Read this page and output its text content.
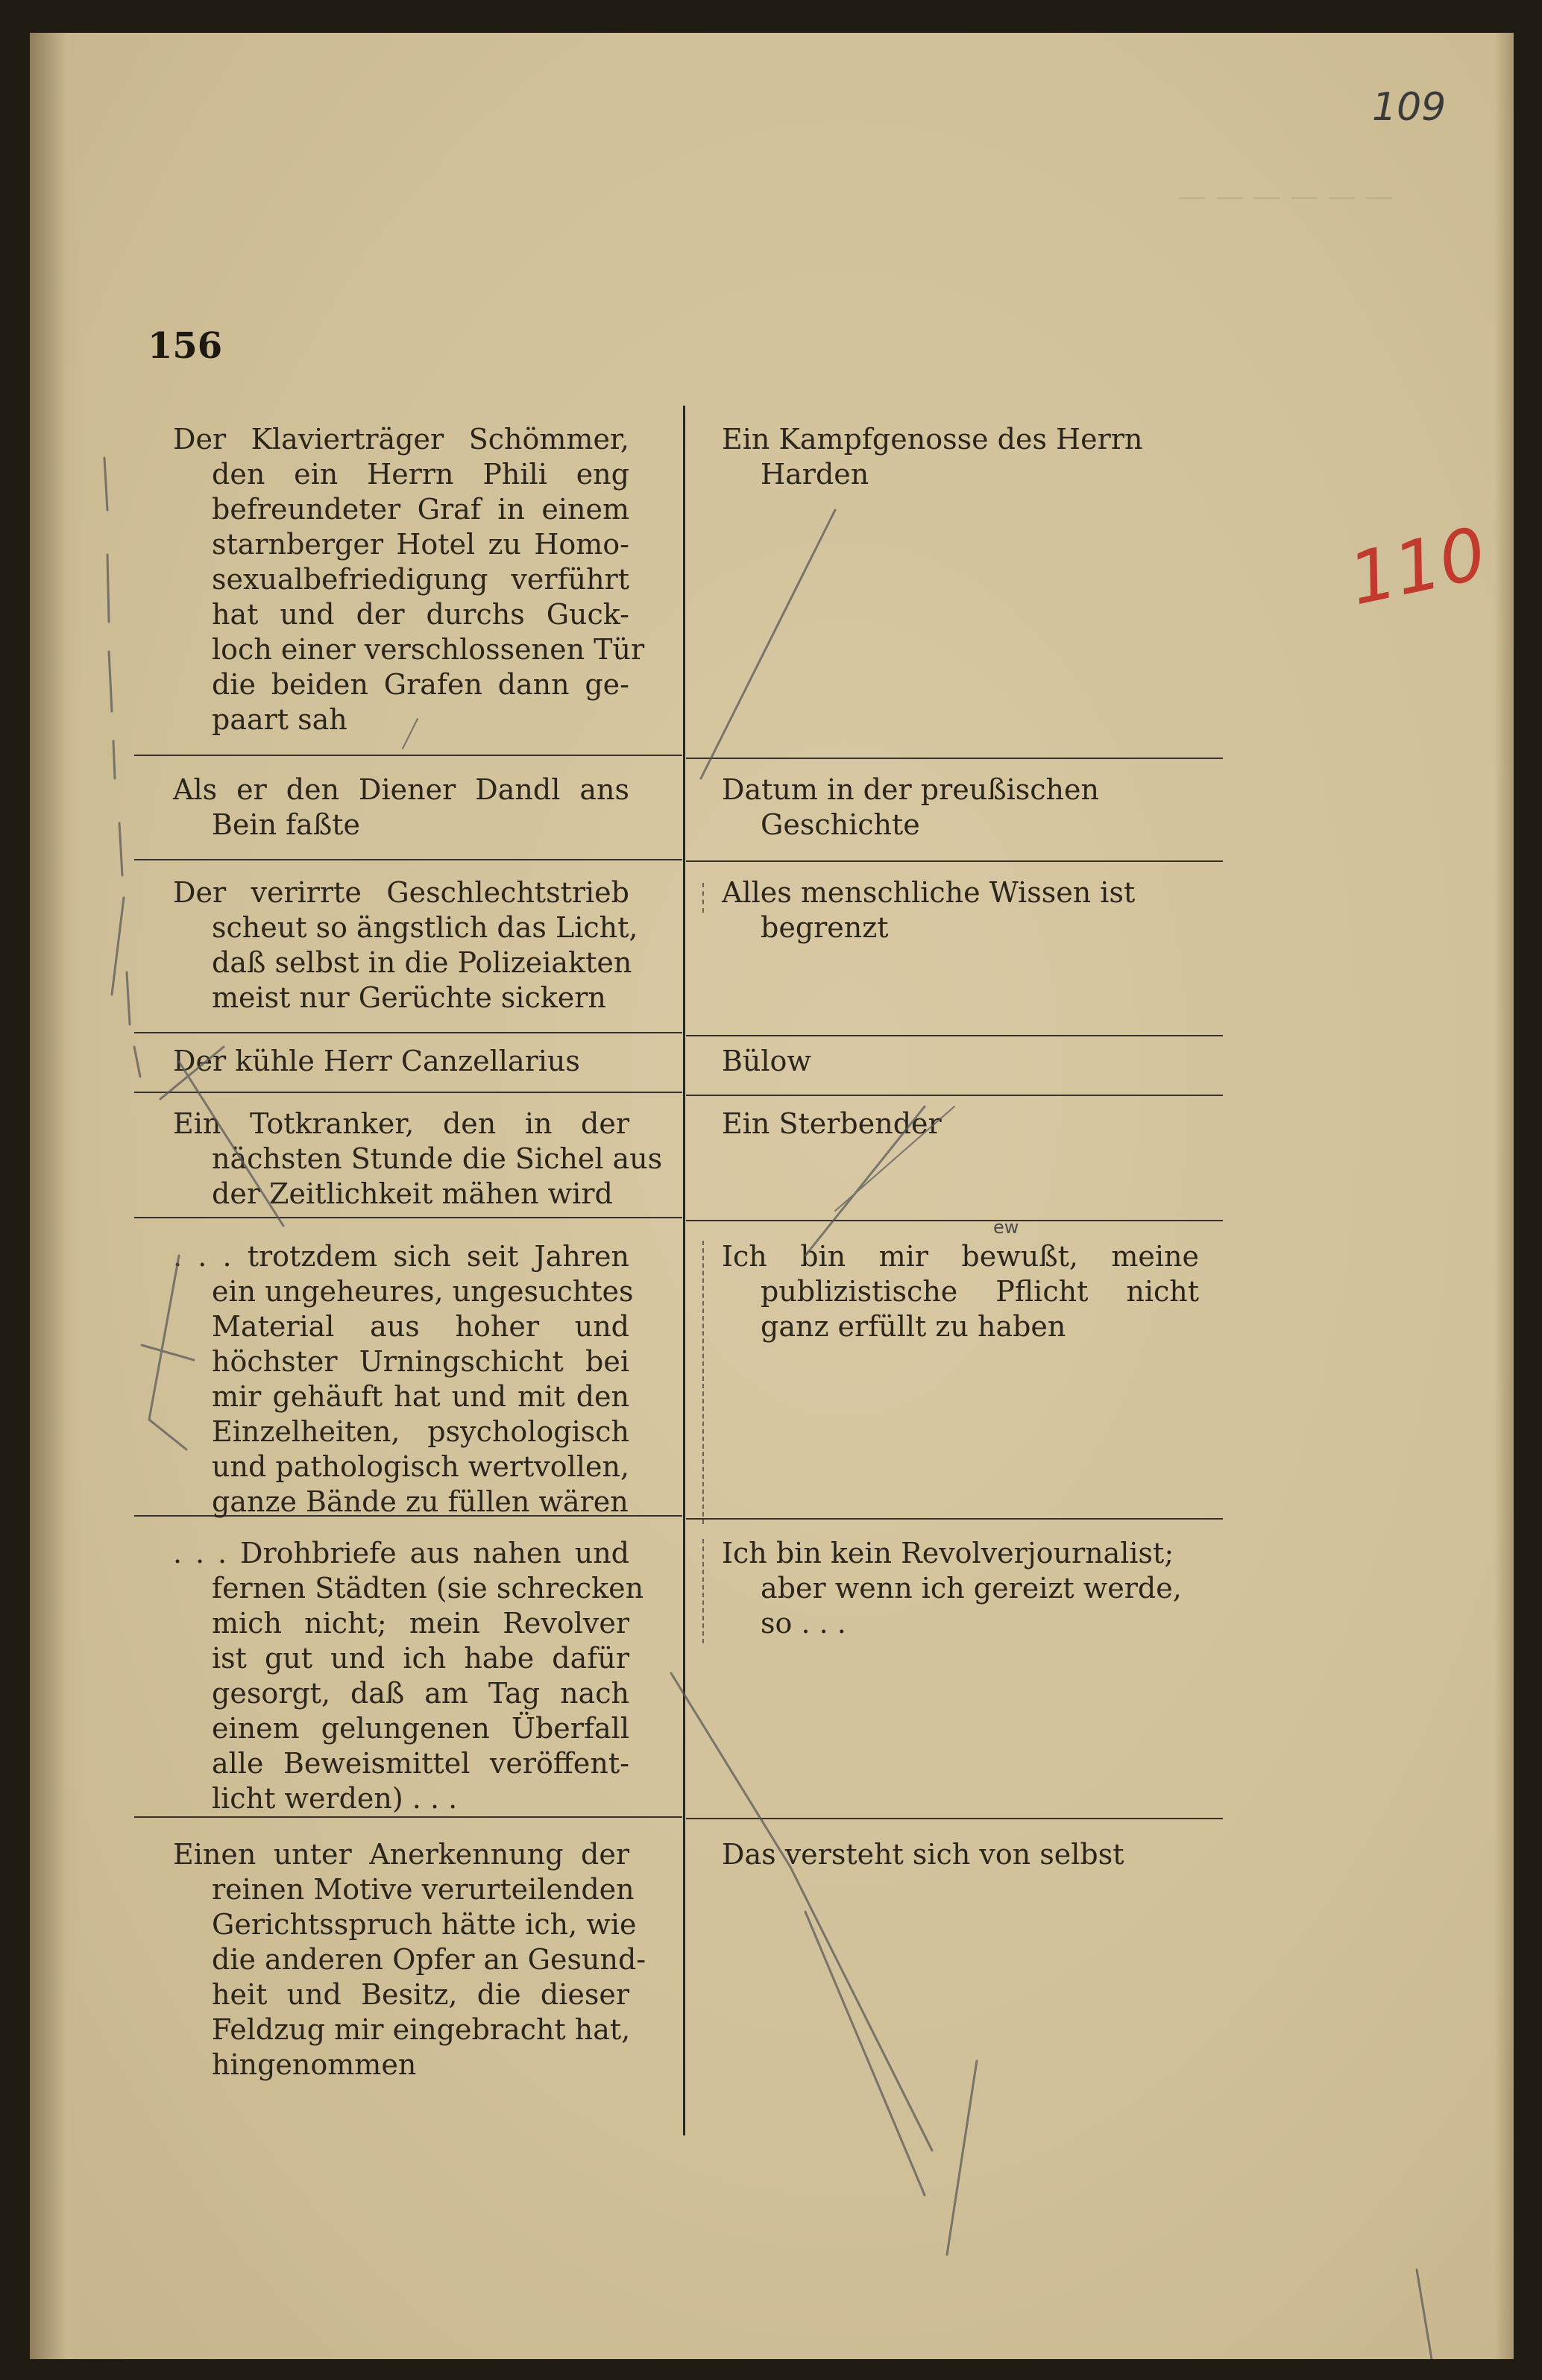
— — — — — —
109
110
156
Der Klavierträger Schömmer,
den ein Herrn Phili eng
befreundeter Graf in einem
starnberger Hotel zu Homo-
sexualbefriedigung verführt
hat und der durchs Guck-
loch einer verschlossenen Tür
die beiden Grafen dann ge-
paart sah
Ein Kampfgenosse des Herrn
Harden
Als er den Diener Dandl ans
Bein faßte
Datum in der preußischen
Geschichte
Der verirrte Geschlechtstrieb
scheut so ängstlich das Licht,
daß selbst in die Polizeiakten
meist nur Gerüchte sickern
Alles menschliche Wissen ist
begrenzt
Der kühle Herr Canzellarius	Bülow
Ein Totkranker, den in der
nächsten Stunde die Sichel aus
der Zeitlichkeit mähen wird
Ein Sterbender
. . . trotzdem sich seit Jahren
ein ungeheures, ungesuchtes
Material aus hoher und
höchster Urningschicht bei
mir gehäuft hat und mit den
Einzelheiten, psychologisch
und pathologisch wertvollen,
ganze Bände zu füllen wären
Ich bin mir bewußt, meine
publizistische Pflicht nicht
ganz erfüllt zu haben
ew
. . . Drohbriefe aus nahen und
fernen Städten (sie schrecken
mich nicht; mein Revolver
ist gut und ich habe dafür
gesorgt, daß am Tag nach
einem gelungenen Überfall
alle Beweismittel veröffent-
licht werden) . . .
Ich bin kein Revolverjournalist;
aber wenn ich gereizt werde,
so . . .
Einen unter Anerkennung der
reinen Motive verurteilenden
Gerichtsspruch hätte ich, wie
die anderen Opfer an Gesund-
heit und Besitz, die dieser
Feldzug mir eingebracht hat,
hingenommen
Das versteht sich von selbst
